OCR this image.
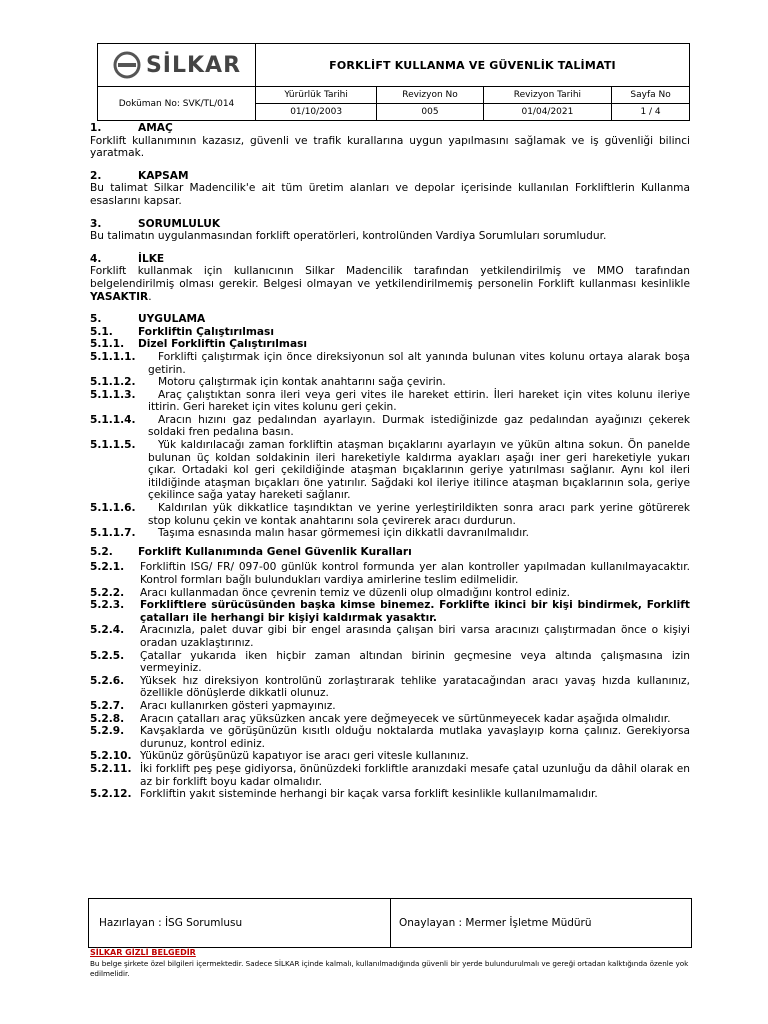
SİLKAR	FORKLİFT KULLANMA VE GÜVENLİK TALİMATI			
Doküman No: SVK/TL/014	Yürürlük Tarihi	Revizyon No	Revizyon Tarihi	Sayfa No
	01/10/2003	005	01/04/2021	1 / 4
1.	AMAÇ

Forklift kullanımının kazasız, güvenli ve trafik kurallarına uygun yapılmasını sağlamak ve iş güvenliği bilinci yaratmak.

2.	KAPSAM

Bu talimat Silkar Madencilik'e ait tüm üretim alanları ve depolar içerisinde kullanılan Forkliftlerin Kullanma esaslarını kapsar.

3.	SORUMLULUK

Bu talimatın uygulanmasından forklift operatörleri, kontrolünden Vardiya Sorumluları sorumludur.

4.	İLKE

Forklift kullanmak için kullanıcının Silkar Madencilik tarafından yetkilendirilmiş ve MMO tarafından belgelendirilmiş olması gerekir. Belgesi olmayan ve yetkilendirilmemiş personelin Forklift kullanması kesinlikle YASAKTIR.

5.	UYGULAMA
5.1.	Forkliftin Çalıştırılması
5.1.1.	Dizel Forkliftin Çalıştırılması
5.1.1.1.	Forklifti çalıştırmak için önce direksiyonun sol alt yanında bulunan vites kolunu ortaya alarak boşa getirin.
5.1.1.2.	Motoru çalıştırmak için kontak anahtarını sağa çevirin.
5.1.1.3.	Araç çalıştıktan sonra ileri veya geri vites ile hareket ettirin. İleri hareket için vites kolunu ileriye ittirin. Geri hareket için vites kolunu geri çekin.
5.1.1.4.	Aracın hızını gaz pedalından ayarlayın. Durmak istediğinizde gaz pedalından ayağınızı çekerek soldaki fren pedalına basın.
5.1.1.5.	Yük kaldırılacağı zaman forkliftin ataşman bıçaklarını ayarlayın ve yükün altına sokun. Ön panelde bulunan üç koldan soldakinin ileri hareketiyle kaldırma ayakları aşağı iner geri hareketiyle yukarı çıkar. Ortadaki kol geri çekildiğinde ataşman bıçaklarının geriye yatırılması sağlanır. Aynı kol ileri itildiğinde ataşman bıçakları öne yatırılır. Sağdaki kol ileriye itilince ataşman bıçaklarının sola, geriye çekilince sağa yatay hareketi sağlanır.
5.1.1.6.	Kaldırılan yük dikkatlice taşındıktan ve yerine yerleştirildikten sonra aracı park yerine götürerek stop kolunu çekin ve kontak anahtarını sola çevirerek aracı durdurun.
5.1.1.7.	Taşıma esnasında malın hasar görmemesi için dikkatli davranılmalıdır.
5.2.	Forklift Kullanımında Genel Güvenlik Kuralları
5.2.1.	Forkliftin ISG/ FR/ 097-00 günlük kontrol formunda yer alan kontroller yapılmadan kullanılmayacaktır. Kontrol formları bağlı bulundukları vardiya amirlerine teslim edilmelidir.
5.2.2.	Aracı kullanmadan önce çevrenin temiz ve düzenli olup olmadığını kontrol ediniz.
5.2.3.	Forkliftlere sürücüsünden başka kimse binemez. Forklifte ikinci bir kişi bindirmek, Forklift çatalları ile herhangi bir kişiyi kaldırmak yasaktır.
5.2.4.	Aracınızla, palet duvar gibi bir engel arasında çalışan biri varsa aracınızı çalıştırmadan önce o kişiyi oradan uzaklaştırınız.
5.2.5.	Çatallar yukarıda iken hiçbir zaman altından birinin geçmesine veya altında çalışmasına izin vermeyiniz.
5.2.6.	Yüksek hız direksiyon kontrolünü zorlaştırarak tehlike yaratacağından aracı yavaş hızda kullanınız, özellikle dönüşlerde dikkatli olunuz.
5.2.7.	Aracı kullanırken gösteri yapmayınız.
5.2.8.	Aracın çatalları araç yüksüzken ancak yere değmeyecek ve sürtünmeyecek kadar aşağıda olmalıdır.
5.2.9.	Kavşaklarda ve görüşünüzün kısıtlı olduğu noktalarda mutlaka yavaşlayıp korna çalınız. Gerekiyorsa durunuz, kontrol ediniz.
5.2.10. Yükünüz görüşünüzü kapatıyor ise aracı geri vitesle kullanınız.
5.2.11. İki forklift peş peşe gidiyorsa, önünüzdeki forkliftle aranızdaki mesafe çatal uzunluğu da dâhil olarak en az bir forklift boyu kadar olmalıdır.
5.2.12. Forkliftin yakıt sisteminde herhangi bir kaçak varsa forklift kesinlikle kullanılmamalıdır.
Hazırlayan : İSG Sorumlusu	Onaylayan : Mermer İşletme Müdürü
SİLKAR GİZLİ BELGEDİR
Bu belge şirkete özel bilgileri içermektedir. Sadece SİLKAR içinde kalmalı, kullanılmadığında güvenli bir yerde bulundurulmalı ve gereği ortadan kalktığında özenle yok edilmelidir.
